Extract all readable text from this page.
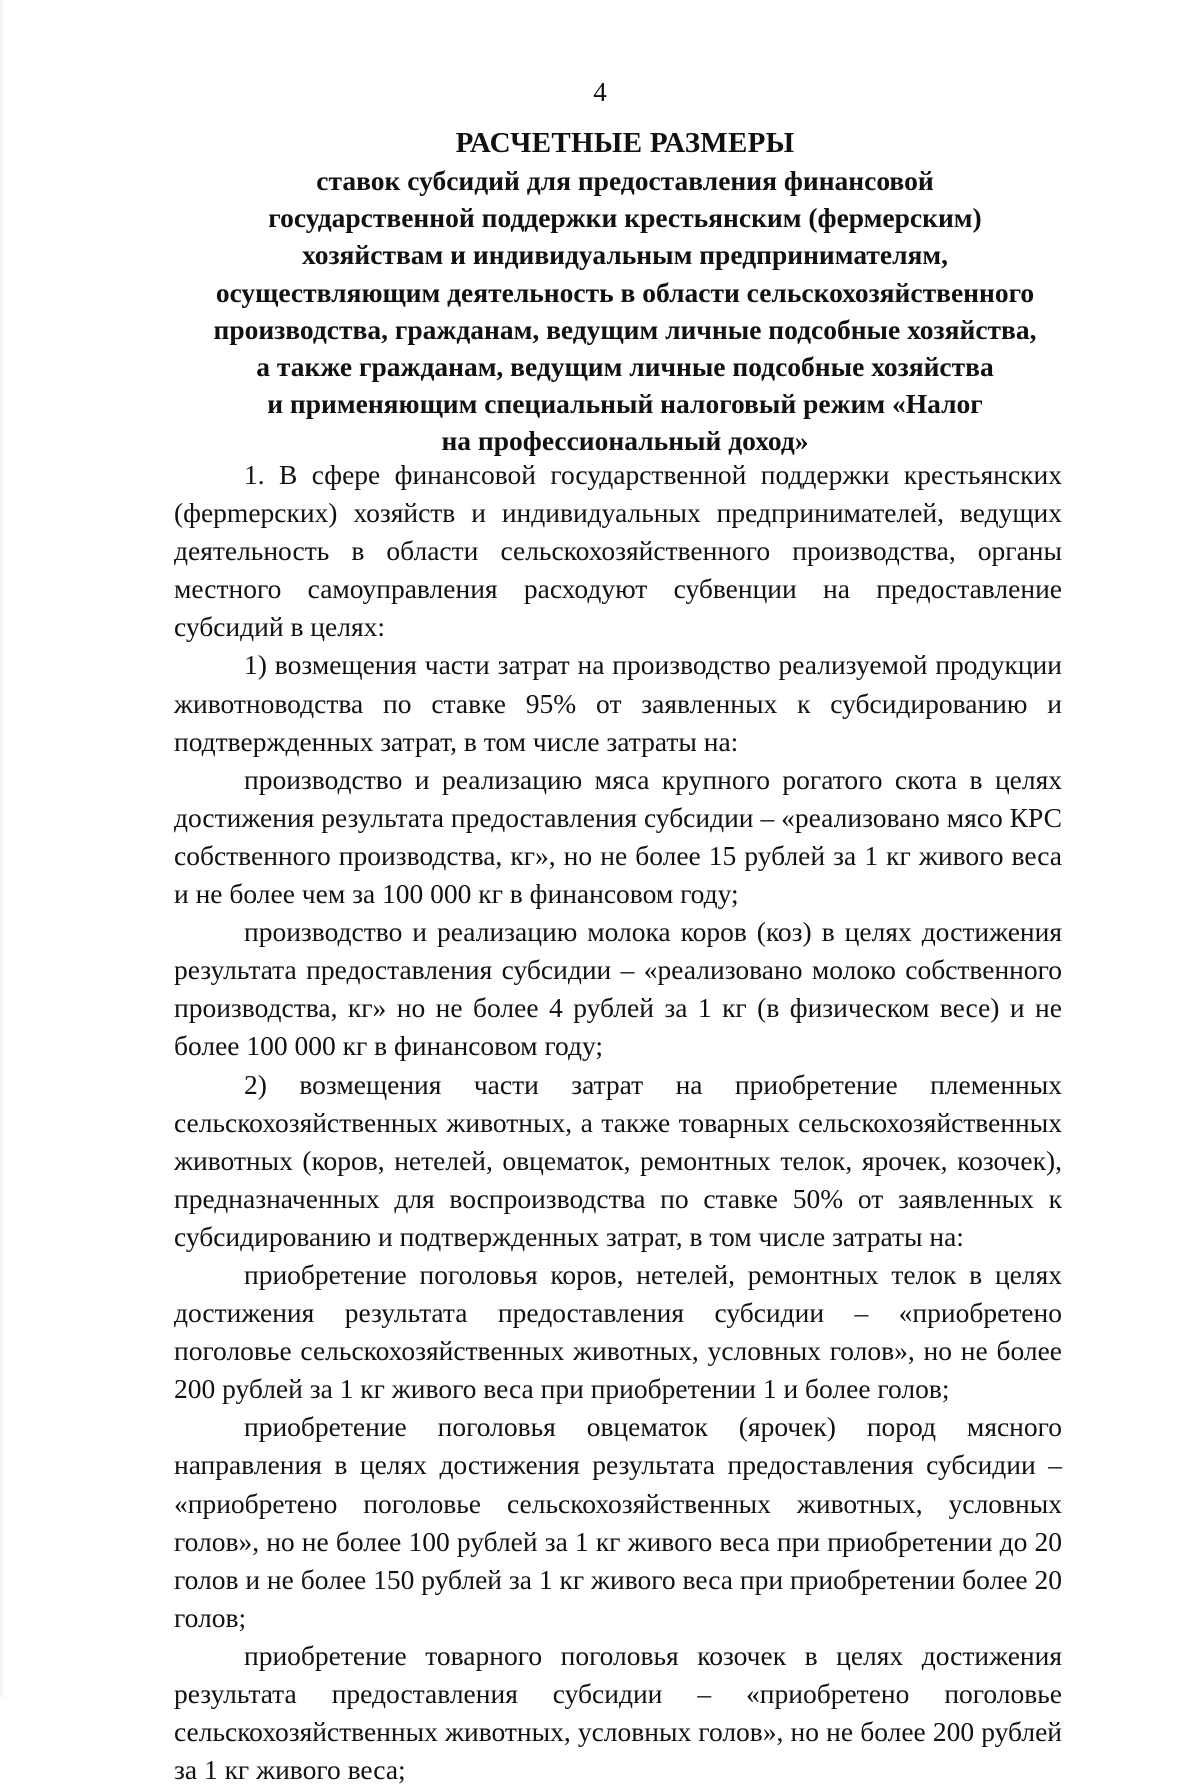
4
РАСЧЕТНЫЕ РАЗМЕРЫ
ставок субсидий для предоставления финансовой
государственной поддержки крестьянским (фермерским)
хозяйствам и индивидуальным предпринимателям,
осуществляющим деятельность в области сельскохозяйственного
производства, гражданам, ведущим личные подсобные хозяйства,
а также гражданам, ведущим личные подсобные хозяйства
и применяющим специальный налоговый режим «Налог
на профессиональный доход»

1. В сфере финансовой государственной поддержки крестьянских (ферmерских) хозяйств и индивидуальных предпринимателей, ведущих деятельность в области сельскохозяйственного производства, органы местного самоуправления расходуют субвенции на предоставление субсидий в целях:

1) возмещения части затрат на производство реализуемой продукции животноводства по ставке 95% от заявленных к субсидированию и подтвержденных затрат, в том числе затраты на:

производство и реализацию мяса крупного рогатого скота в целях достижения результата предоставления субсидии – «реализовано мясо КРС собственного производства, кг», но не более 15 рублей за 1 кг живого веса и не более чем за 100 000 кг в финансовом году;

производство и реализацию молока коров (коз) в целях достижения результата предоставления субсидии – «реализовано молоко собственного производства, кг» но не более 4 рублей за 1 кг (в физическом весе) и не более 100 000 кг в финансовом году;

2) возмещения части затрат на приобретение племенных сельскохозяйственных животных, а также товарных сельскохозяйственных животных (коров, нетелей, овцематок, ремонтных телок, ярочек, козочек), предназначенных для воспроизводства по ставке 50% от заявленных к субсидированию и подтвержденных затрат, в том числе затраты на:

приобретение поголовья коров, нетелей, ремонтных телок в целях достижения результата предоставления субсидии – «приобретено поголовье сельскохозяйственных животных, условных голов», но не более 200 рублей за 1 кг живого веса при приобретении 1 и более голов;

приобретение поголовья овцематок (ярочек) пород мясного направления в целях достижения результата предоставления субсидии – «приобретено поголовье сельскохозяйственных животных, условных голов», но не более 100 рублей за 1 кг живого веса при приобретении до 20 голов и не более 150 рублей за 1 кг живого веса при приобретении более 20 голов;

приобретение товарного поголовья козочек в целях достижения результата предоставления субсидии – «приобретено поголовье сельскохозяйственных животных, условных голов», но не более 200 рублей за 1 кг живого веса;
